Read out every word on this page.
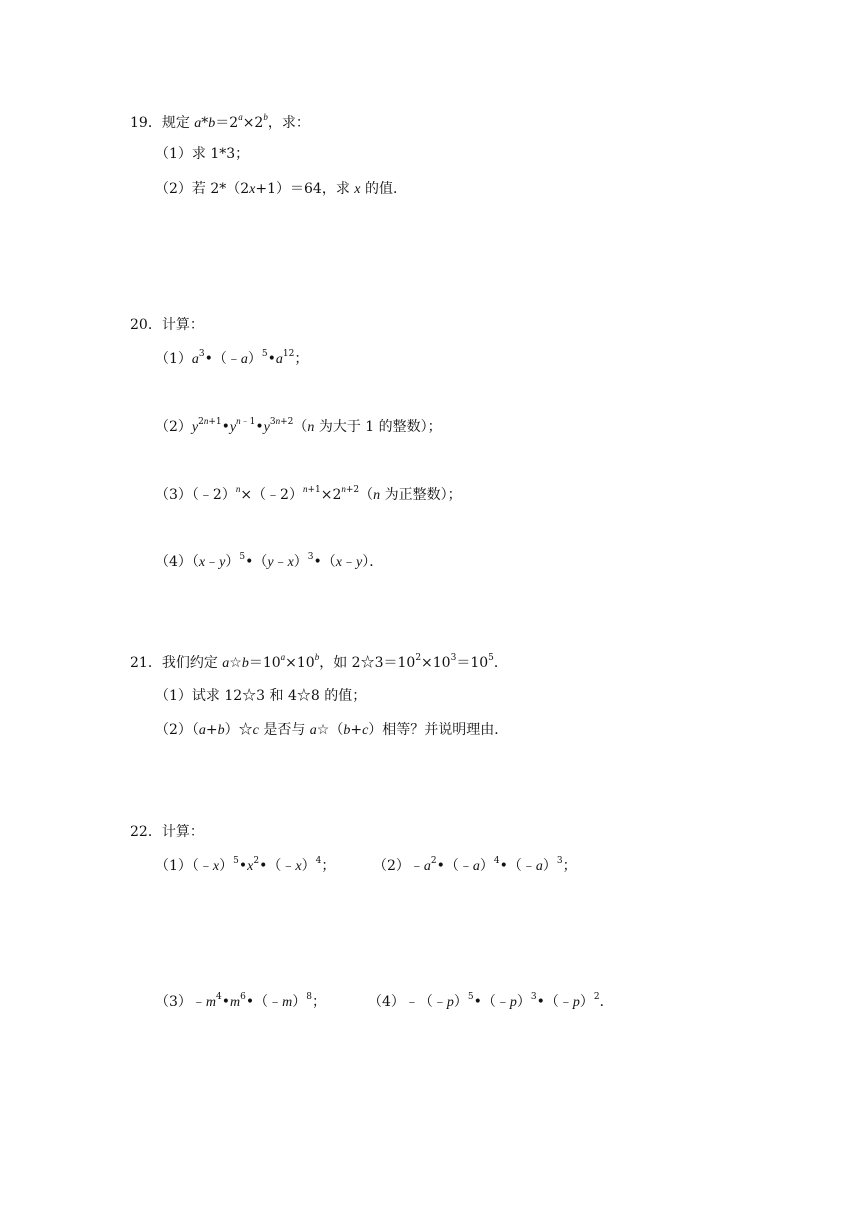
19．规定 $a*b=2^a\times 2^b$，求：
（1）求 1*3；
（2）若 2*（2x+1）＝64，求 x 的值．
20．计算：
$(1)a^3•(﹣a)^5•a^{12}$；
$(2)y^{2n+1}•y^{n﹣1}•y^{3n+2}(n$ 为大于 1 的整数）；
$(3)(﹣2)^n\times(﹣2)^{n+1}\times 2^{n+2}(n$ 为正整数）；
（4）（x﹣y）$^5$•（y﹣x）$^3$•（x﹣y）．
21．我们约定 $a☆b=10^a\times 10^b$，如 $2☆3=10^2\times 10^3=10^5$．
（1）试求 12☆3 和 4☆8 的值；
（2）（a+b）☆c 是否与 a☆（b+c）相等？并说明理由．
22．计算：
$(1)(﹣x)^5•x^2•(﹣x)^4$；	$(2)﹣a^2•(﹣a)^4•(﹣a)^3$；
$(3)﹣m^4•m^6•(﹣m)^8$；	（4）﹣（﹣p）$^5$•（﹣p）$^3$•（﹣p）$^2$．
